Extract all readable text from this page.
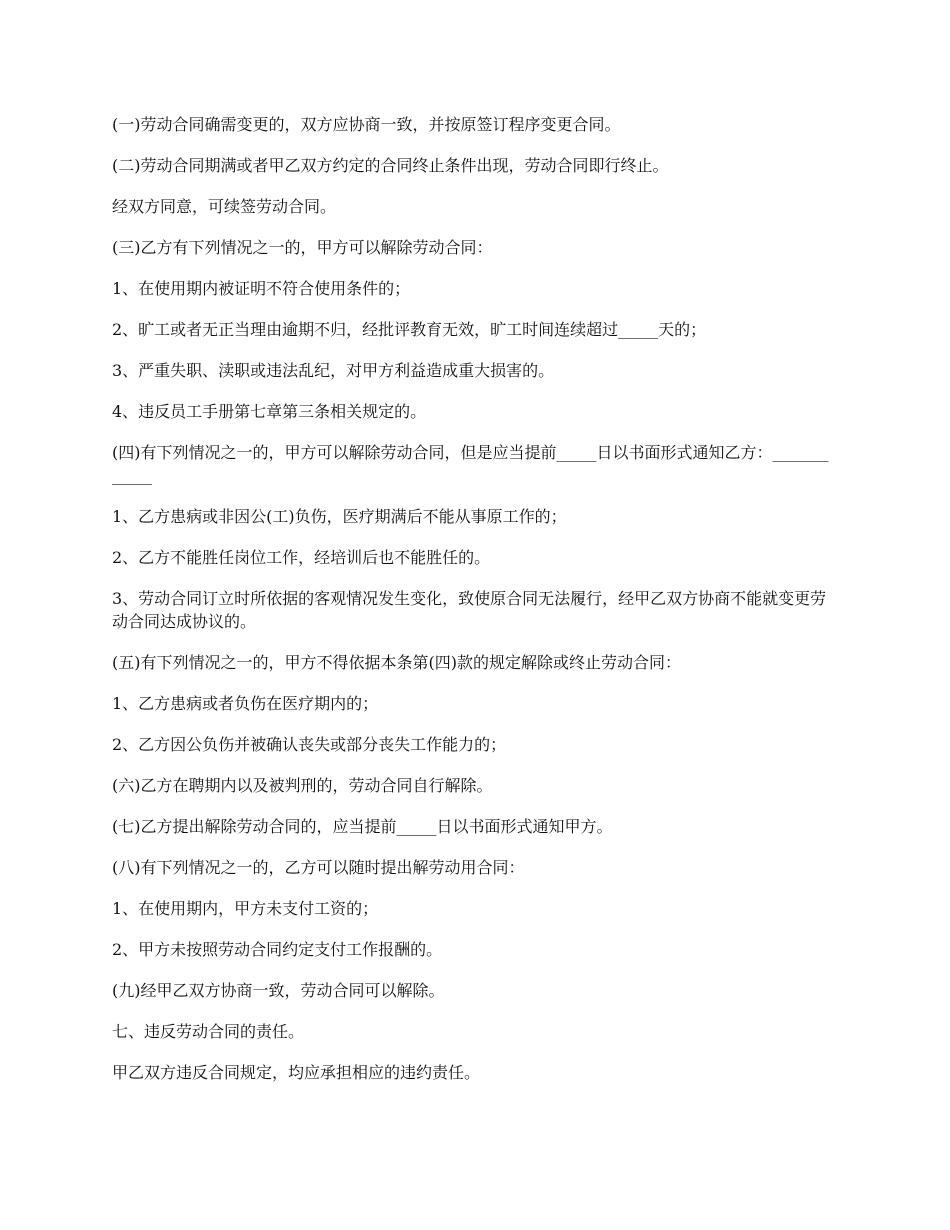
(一)劳动合同确需变更的，双方应协商一致，并按原签订程序变更合同。

(二)劳动合同期满或者甲乙双方约定的合同终止条件出现，劳动合同即行终止。

经双方同意，可续签劳动合同。

(三)乙方有下列情况之一的，甲方可以解除劳动合同：

1、在使用期内被证明不符合使用条件的；

2、旷工或者无正当理由逾期不归，经批评教育无效，旷工时间连续超过_____天的；

3、严重失职、渎职或违法乱纪，对甲方利益造成重大损害的。

4、违反员工手册第七章第三条相关规定的。

(四)有下列情况之一的，甲方可以解除劳动合同，但是应当提前_____日以书面形式通知乙方：____________

1、乙方患病或非因公(工)负伤，医疗期满后不能从事原工作的；

2、乙方不能胜任岗位工作，经培训后也不能胜任的。

3、劳动合同订立时所依据的客观情况发生变化，致使原合同无法履行，经甲乙双方协商不能就变更劳动合同达成协议的。

(五)有下列情况之一的，甲方不得依据本条第(四)款的规定解除或终止劳动合同：

1、乙方患病或者负伤在医疗期内的；

2、乙方因公负伤并被确认丧失或部分丧失工作能力的；

(六)乙方在聘期内以及被判刑的，劳动合同自行解除。

(七)乙方提出解除劳动合同的，应当提前_____日以书面形式通知甲方。

(八)有下列情况之一的，乙方可以随时提出解劳动用合同：

1、在使用期内，甲方未支付工资的；

2、甲方未按照劳动合同约定支付工作报酬的。

(九)经甲乙双方协商一致，劳动合同可以解除。

七、违反劳动合同的责任。

甲乙双方违反合同规定，均应承担相应的违约责任。
